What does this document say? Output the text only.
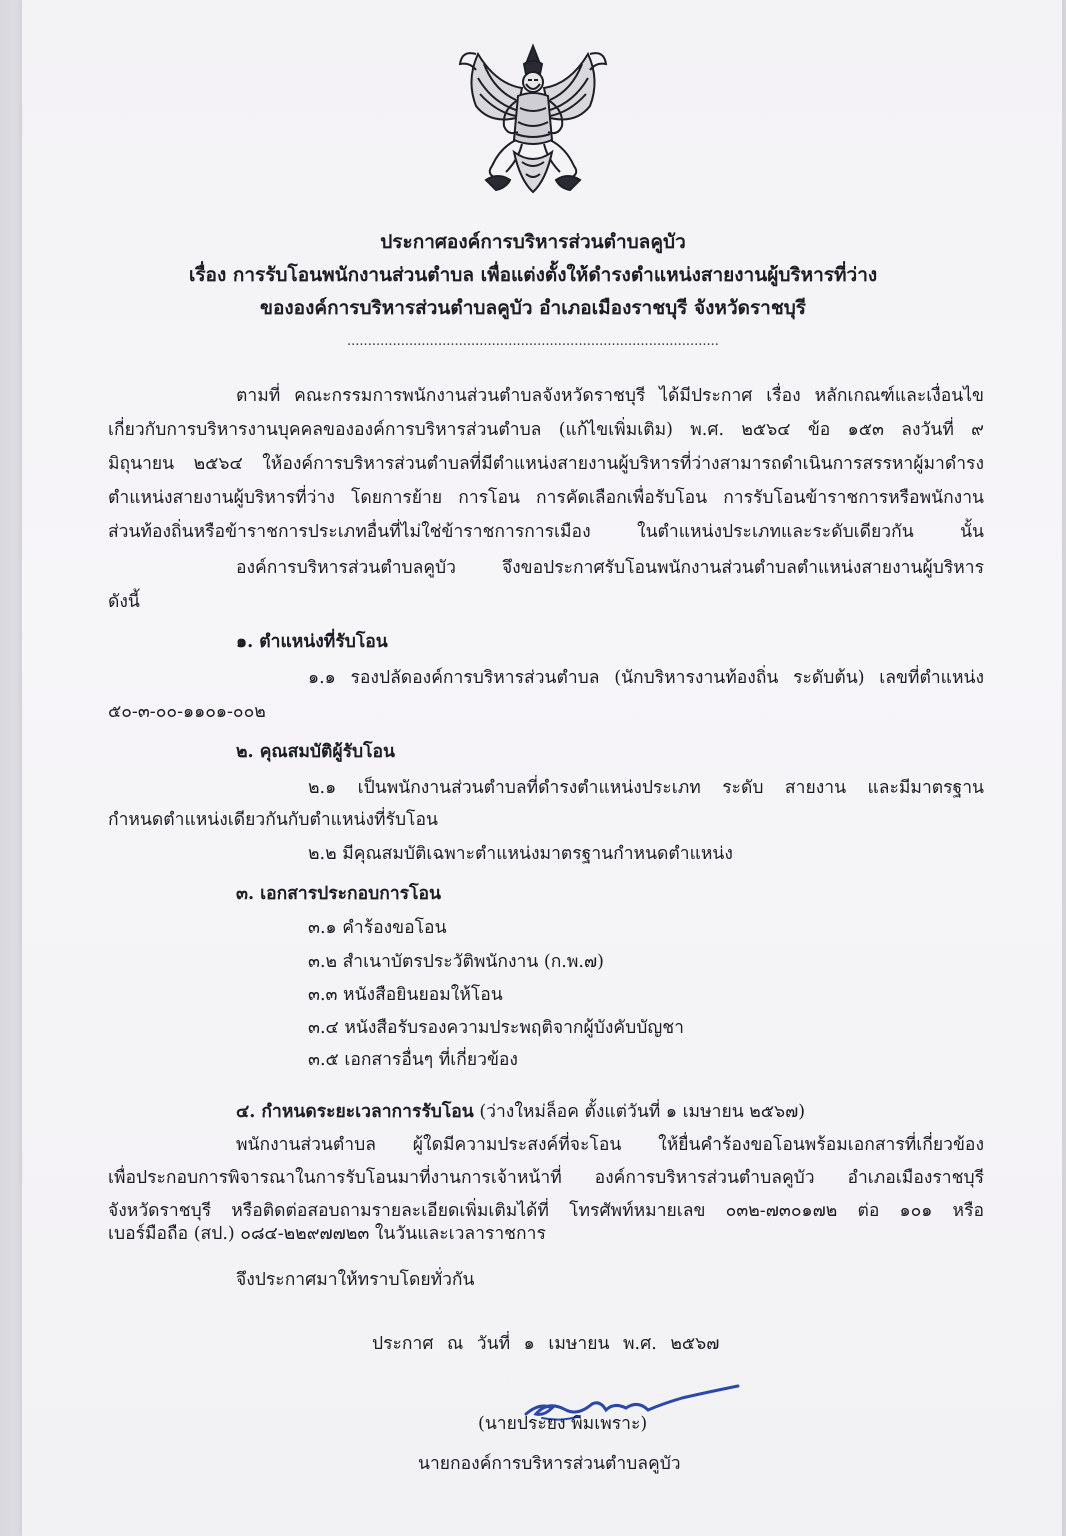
ประกาศองค์การบริหารส่วนตำบลคูบัว
เรื่อง การรับโอนพนักงานส่วนตำบล เพื่อแต่งตั้งให้ดำรงตำแหน่งสายงานผู้บริหารที่ว่าง
ขององค์การบริหารส่วนตำบลคูบัว อำเภอเมืองราชบุรี จังหวัดราชบุรี
..........................................................................................
ตามที่ คณะกรรมการพนักงานส่วนตำบลจังหวัดราชบุรี ได้มีประกาศ เรื่อง หลักเกณฑ์และเงื่อนไข
เกี่ยวกับการบริหารงานบุคคลขององค์การบริหารส่วนตำบล (แก้ไขเพิ่มเติม) พ.ศ. ๒๕๖๔ ข้อ ๑๕๓ ลงวันที่ ๙
มิถุนายน ๒๕๖๔ ให้องค์การบริหารส่วนตำบลที่มีตำแหน่งสายงานผู้บริหารที่ว่างสามารถดำเนินการสรรหาผู้มาดำรง
ตำแหน่งสายงานผู้บริหารที่ว่าง โดยการย้าย การโอน การคัดเลือกเพื่อรับโอน การรับโอนข้าราชการหรือพนักงาน
ส่วนท้องถิ่นหรือข้าราชการประเภทอื่นที่ไม่ใช่ข้าราชการการเมือง ในตำแหน่งประเภทและระดับเดียวกัน นั้น
องค์การบริหารส่วนตำบลคูบัว จึงขอประกาศรับโอนพนักงานส่วนตำบลตำแหน่งสายงานผู้บริหาร
ดังนี้
๑. ตำแหน่งที่รับโอน
๑.๑ รองปลัดองค์การบริหารส่วนตำบล (นักบริหารงานท้องถิ่น ระดับต้น) เลขที่ตำแหน่ง
๕๐-๓-๐๐-๑๑๐๑-๐๐๒
๒. คุณสมบัติผู้รับโอน
๒.๑ เป็นพนักงานส่วนตำบลที่ดำรงตำแหน่งประเภท ระดับ สายงาน และมีมาตรฐาน
กำหนดตำแหน่งเดียวกันกับตำแหน่งที่รับโอน
๒.๒ มีคุณสมบัติเฉพาะตำแหน่งมาตรฐานกำหนดตำแหน่ง
๓. เอกสารประกอบการโอน
๓.๑ คำร้องขอโอน
๓.๒ สำเนาบัตรประวัติพนักงาน (ก.พ.๗)
๓.๓ หนังสือยินยอมให้โอน
๓.๔ หนังสือรับรองความประพฤติจากผู้บังคับบัญชา
๓.๕ เอกสารอื่นๆ ที่เกี่ยวข้อง
๔. กำหนดระยะเวลาการรับโอน (ว่างใหม่ล็อค ตั้งแต่วันที่ ๑ เมษายน ๒๕๖๗)
พนักงานส่วนตำบล ผู้ใดมีความประสงค์ที่จะโอน ให้ยื่นคำร้องขอโอนพร้อมเอกสารที่เกี่ยวข้อง
เพื่อประกอบการพิจารณาในการรับโอนมาที่งานการเจ้าหน้าที่ องค์การบริหารส่วนตำบลคูบัว อำเภอเมืองราชบุรี
จังหวัดราชบุรี หรือติดต่อสอบถามรายละเอียดเพิ่มเติมได้ที่ โทรศัพท์หมายเลข ๐๓๒-๗๓๐๑๗๒ ต่อ ๑๐๑ หรือ
เบอร์มือถือ (สป.) ๐๘๔-๒๒๙๗๗๒๓ ในวันและเวลาราชการ
จึงประกาศมาให้ทราบโดยทั่วกัน
ประกาศ ณ วันที่ ๑ เมษายน พ.ศ. ๒๕๖๗
(นายประยง พิมเพราะ)
นายกองค์การบริหารส่วนตำบลคูบัว
